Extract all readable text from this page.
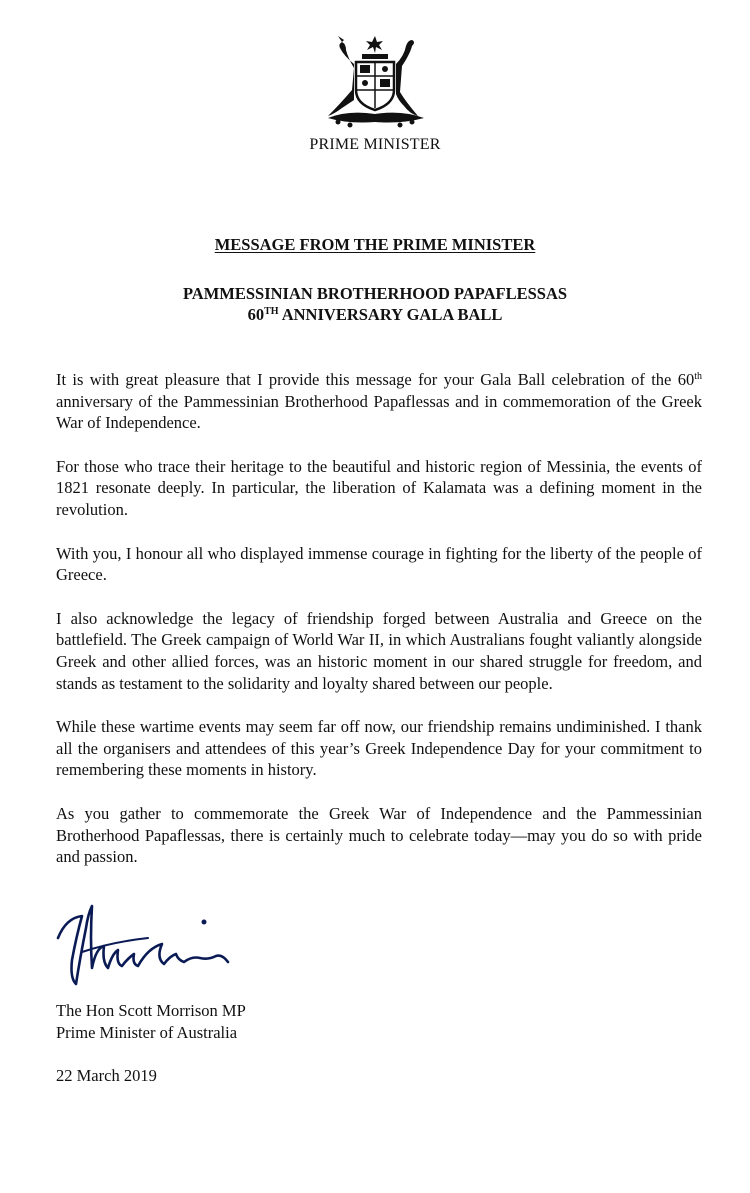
PRIME MINISTER
MESSAGE FROM THE PRIME MINISTER
PAMMESSINIAN BROTHERHOOD PAPAFLESSAS
60TH ANNIVERSARY GALA BALL

It is with great pleasure that I provide this message for your Gala Ball celebration of the 60th anniversary of the Pammessinian Brotherhood Papaflessas and in commemoration of the Greek War of Independence.

For those who trace their heritage to the beautiful and historic region of Messinia, the events of 1821 resonate deeply. In particular, the liberation of Kalamata was a defining moment in the revolution.

With you, I honour all who displayed immense courage in fighting for the liberty of the people of Greece.

I also acknowledge the legacy of friendship forged between Australia and Greece on the battlefield. The Greek campaign of World War II, in which Australians fought valiantly alongside Greek and other allied forces, was an historic moment in our shared struggle for freedom, and stands as testament to the solidarity and loyalty shared between our people.

While these wartime events may seem far off now, our friendship remains undiminished. I thank all the organisers and attendees of this year’s Greek Independence Day for your commitment to remembering these moments in history.

As you gather to commemorate the Greek War of Independence and the Pammessinian Brotherhood Papaflessas, there is certainly much to celebrate today—may you do so with pride and passion.

The Hon Scott Morrison MP
Prime Minister of Australia
22 March 2019
